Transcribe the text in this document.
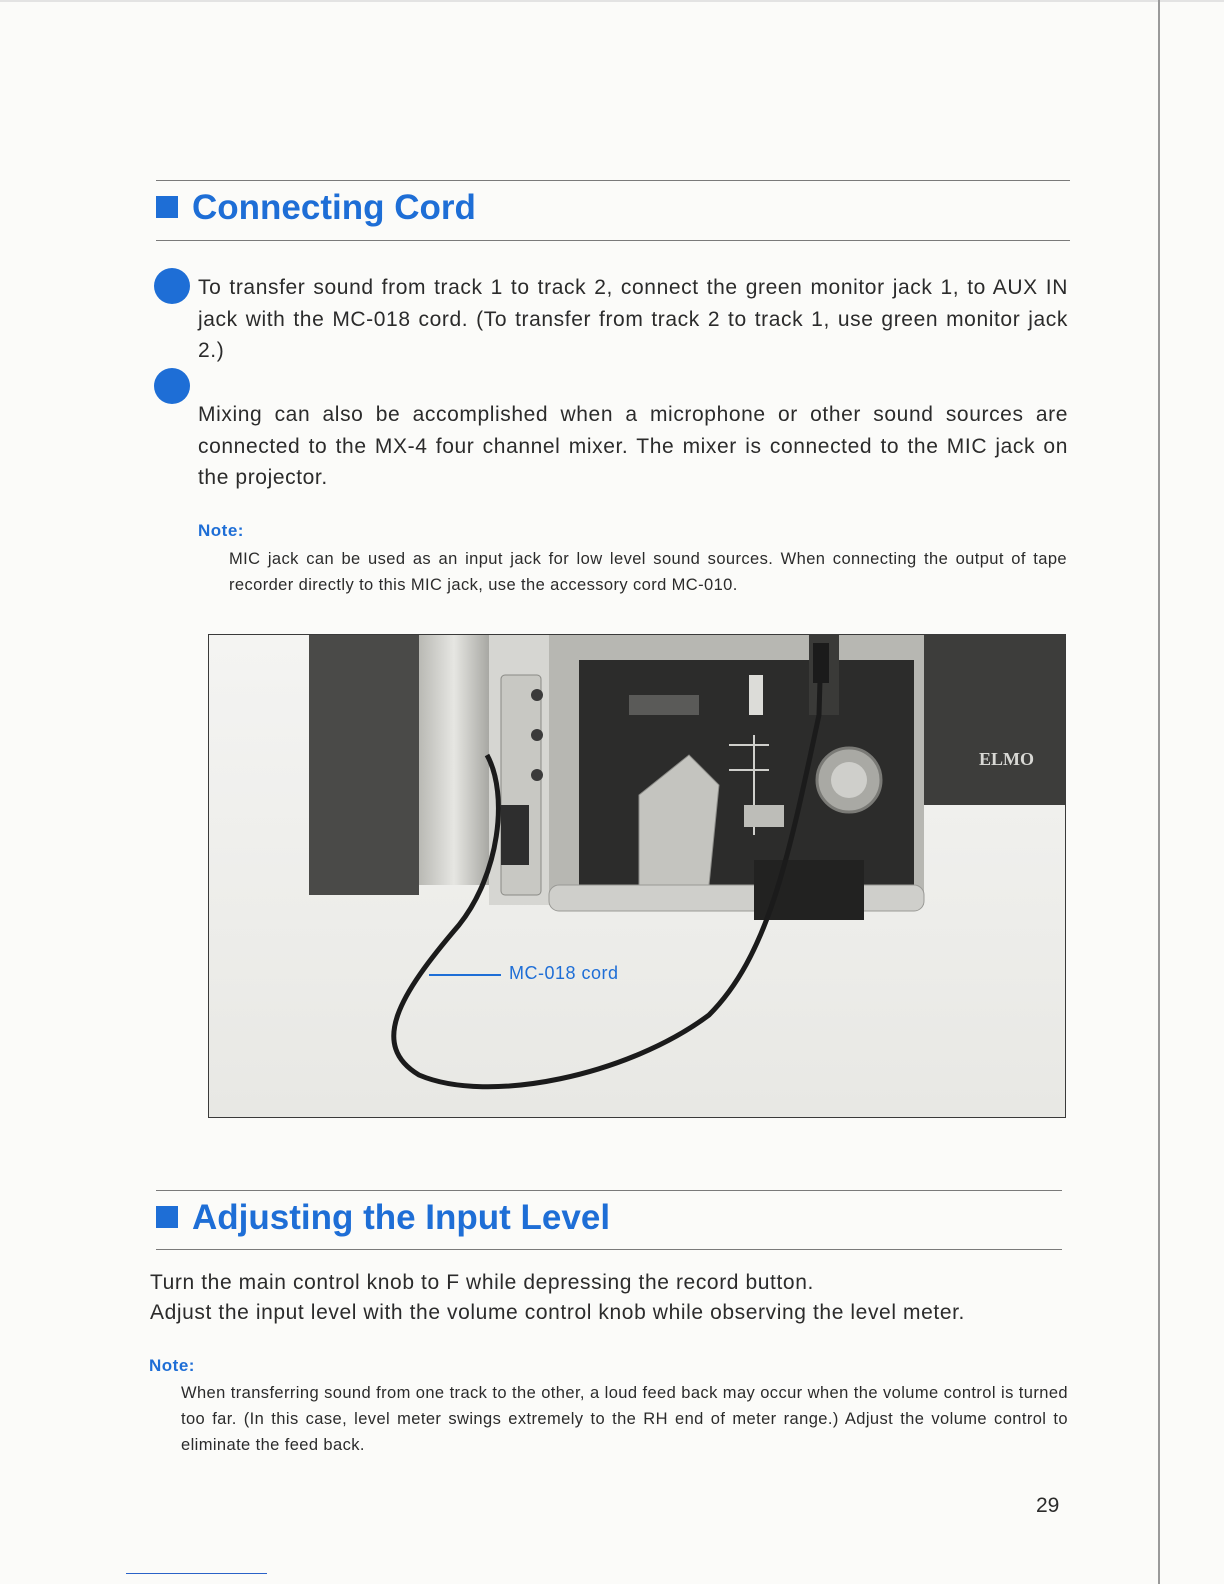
Connecting Cord

To transfer sound from track 1 to track 2, connect the green monitor jack 1, to AUX IN jack with the MC-018 cord. (To transfer from track 2 to track 1, use green monitor jack 2.)

Mixing can also be accomplished when a microphone or other sound sources are connected to the MX-4 four channel mixer. The mixer is connected to the MIC jack on the projector.

Note:

MIC jack can be used as an input jack for low level sound sources. When connecting the output of tape recorder directly to this MIC jack, use the accessory cord MC-010.

ELMO
MC-018 cord
Adjusting the Input Level

Turn the main control knob to F while depressing the record button.

Adjust the input level with the volume control knob while observing the level meter.

Note:

When transferring sound from one track to the other, a loud feed back may occur when the volume control is turned too far. (In this case, level meter swings extremely to the RH end of meter range.) Adjust the volume control to eliminate the feed back.

29
